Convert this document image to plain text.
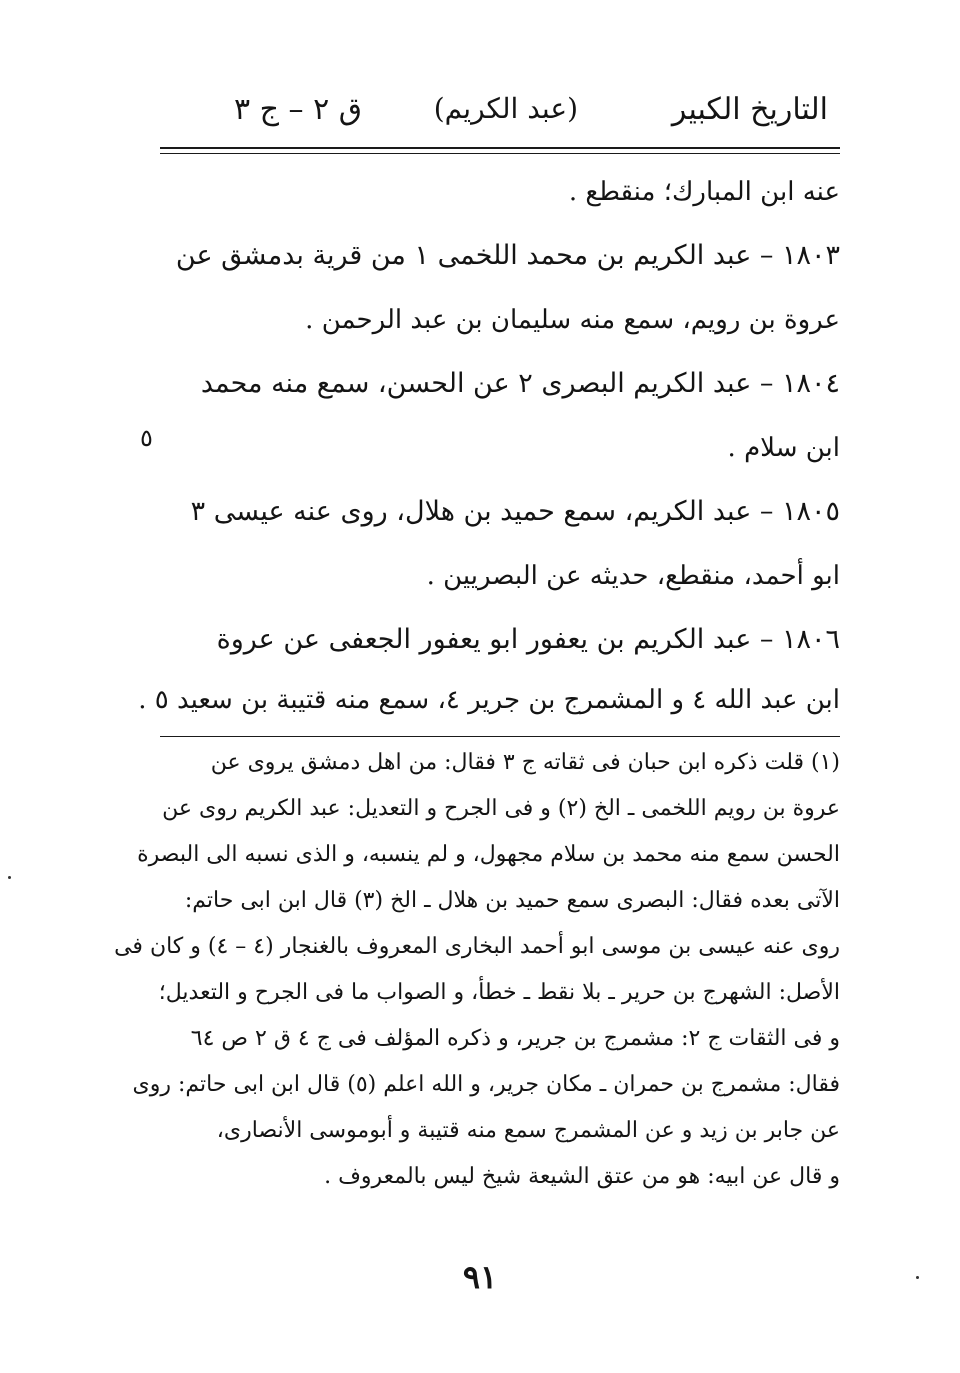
التاريخ الكبير
(عبد الكريم)
ق ٢ – ج ٣
٥
عنه ابن المبارك؛ منقطع .
١٨٠٣ – عبد الكريم بن محمد اللخمى ١ من قرية بدمشق عن
عروة بن رويم، سمع منه سليمان بن عبد الرحمن .
١٨٠٤ – عبد الكريم البصرى ٢ عن الحسن، سمع منه محمد
ابن سلام .
١٨٠٥ – عبد الكريم، سمع حميد بن هلال، روى عنه عيسى ٣
ابو أحمد، منقطع، حديثه عن البصريين .
١٨٠٦ – عبد الكريم بن يعفور ابو يعفور الجعفى عن عروة
ابن عبد الله ٤ و المشمرج بن جرير ٤، سمع منه قتيبة بن سعيد ٥ .
(١) قلت ذكره ابن حبان فى ثقاته ج ٣ فقال: من اهل دمشق يروى عن
عروة بن رويم اللخمى ـ الخ (٢) و فى الجرح و التعديل: عبد الكريم روى عن
الحسن سمع منه محمد بن سلام مجهول، و لم ينسبه، و الذى نسبه الى البصرة
الآتى بعده فقال: البصرى سمع حميد بن هلال ـ الخ (٣) قال ابن ابى حاتم:
روى عنه عيسى بن موسى ابو أحمد البخارى المعروف بالغنجار (٤ – ٤) و كان فى
الأصل: الشهرج بن حرير ـ بلا نقط ـ خطأ، و الصواب ما فى الجرح و التعديل؛
و فى الثقات ج ٢: مشمرج بن جرير، و ذكره المؤلف فى ج ٤ ق ٢ ص ٦٤
فقال: مشمرج بن حمران ـ مكان جرير، و الله اعلم (٥) قال ابن ابى حاتم: روى
عن جابر بن زيد و عن المشمرج سمع منه قتيبة و أبوموسى الأنصارى،
و قال عن ابيه: هو من عتق الشيعة شيخ ليس بالمعروف .
٩١
